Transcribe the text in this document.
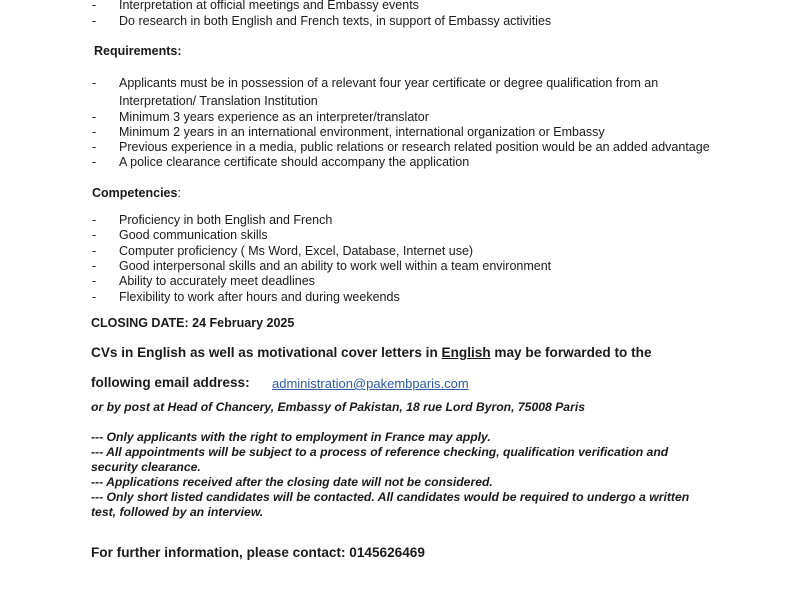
- Interpretation at official meetings and Embassy events
- Do research in both English and French texts, in support of Embassy activities
Requirements:
- Applicants must be in possession of a relevant four year certificate or degree qualification from an
Interpretation/ Translation Institution
- Minimum 3 years experience as an interpreter/translator
- Minimum 2 years in an international environment, international organization or Embassy
- Previous experience in a media, public relations or research related position would be an added advantage
- A police clearance certificate should accompany the application
Competencies:
- Proficiency in both English and French
- Good communication skills
- Computer proficiency ( Ms Word, Excel, Database, Internet use)
- Good interpersonal skills and an ability to work well within a team environment
- Ability to accurately meet deadlines
- Flexibility to work after hours and during weekends
CLOSING DATE: 24 February 2025
CVs in English as well as motivational cover letters in English may be forwarded to the
following email address: administration@pakembparis.com
or by post at Head of Chancery, Embassy of Pakistan, 18 rue Lord Byron, 75008 Paris
--- Only applicants with the right to employment in France may apply.
--- All appointments will be subject to a process of reference checking, qualification verification and
security clearance.
--- Applications received after the closing date will not be considered.
--- Only short listed candidates will be contacted. All candidates would be required to undergo a written
test, followed by an interview.
For further information, please contact: 0145626469
